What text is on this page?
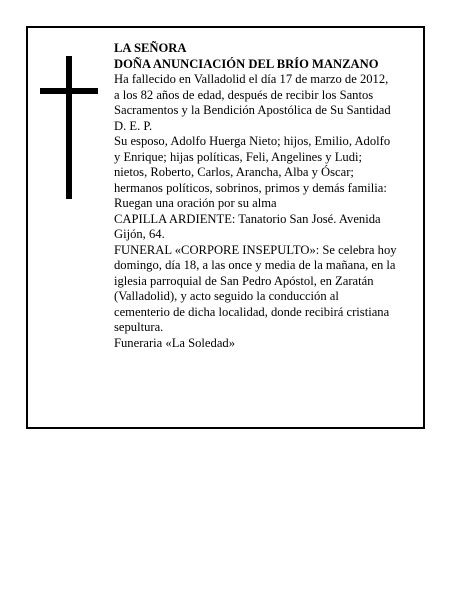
LA SEÑORA
DOÑA ANUNCIACIÓN DEL BRÍO MANZANO
Ha fallecido en Valladolid el día 17 de marzo de 2012,
a los 82 años de edad, después de recibir los Santos
Sacramentos y la Bendición Apostólica de Su Santidad
D. E. P.
Su esposo, Adolfo Huerga Nieto; hijos, Emilio, Adolfo
y Enrique; hijas políticas, Feli, Angelines y Ludi;
nietos, Roberto, Carlos, Arancha, Alba y Óscar;
hermanos políticos, sobrinos, primos y demás familia:
Ruegan una oración por su alma
CAPILLA ARDIENTE: Tanatorio San José. Avenida
Gijón, 64.
FUNERAL «CORPORE INSEPULTO»: Se celebra hoy
domingo, día 18, a las once y media de la mañana, en la
iglesia parroquial de San Pedro Apóstol, en Zaratán
(Valladolid), y acto seguido la conducción al
cementerio de dicha localidad, donde recibirá cristiana
sepultura.
Funeraria «La Soledad»
